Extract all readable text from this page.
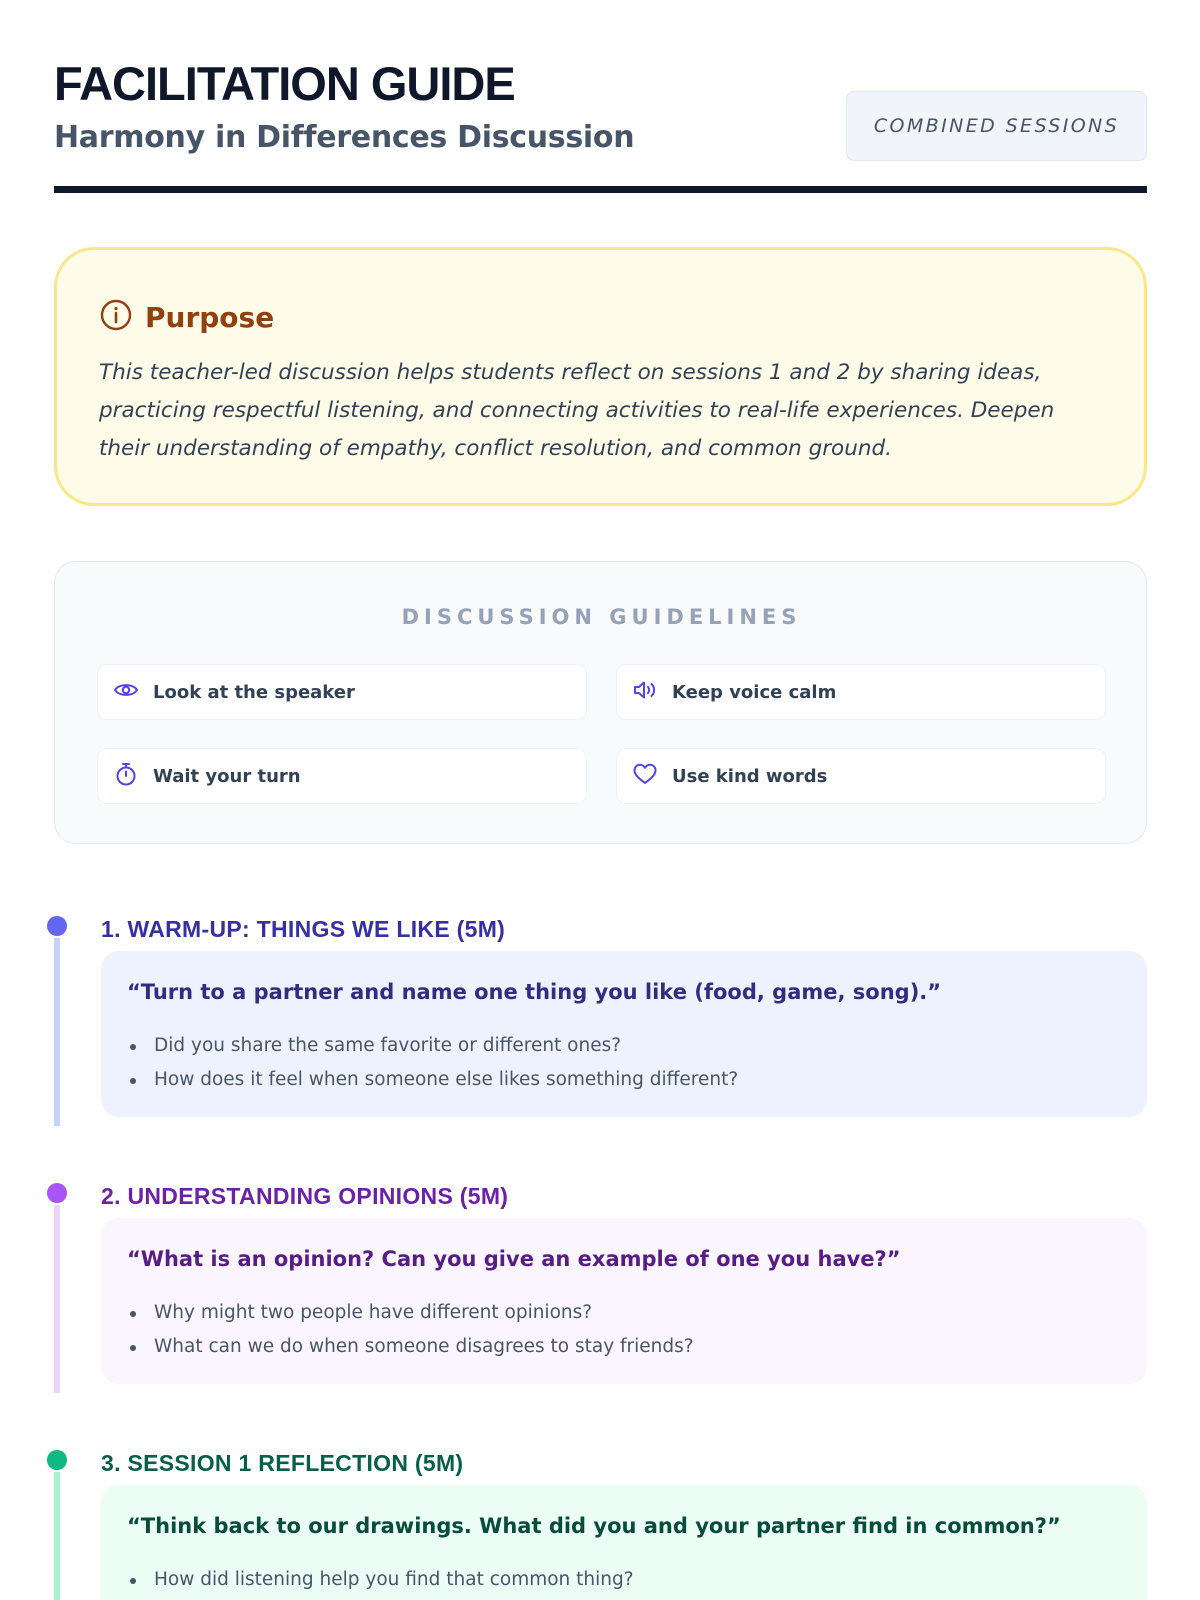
FACILITATION GUIDE
Harmony in Differences Discussion	COMBINED SESSIONS
Purpose
This teacher-led discussion helps students reflect on sessions 1 and 2 by sharing ideas, practicing respectful listening, and connecting activities to real-life experiences. Deepen their understanding of empathy, conflict resolution, and common ground.
DISCUSSION GUIDELINES
Look at the speaker	Keep voice calm
Wait your turn	Use kind words
1. WARM-UP: THINGS WE LIKE (5M)
“Turn to a partner and name one thing you like (food, game, song).”
Did you share the same favorite or different ones?
How does it feel when someone else likes something different?
2. UNDERSTANDING OPINIONS (5M)
“What is an opinion? Can you give an example of one you have?”
Why might two people have different opinions?
What can we do when someone disagrees to stay friends?
3. SESSION 1 REFLECTION (5M)
“Think back to our drawings. What did you and your partner find in common?”
How did listening help you find that common thing?
